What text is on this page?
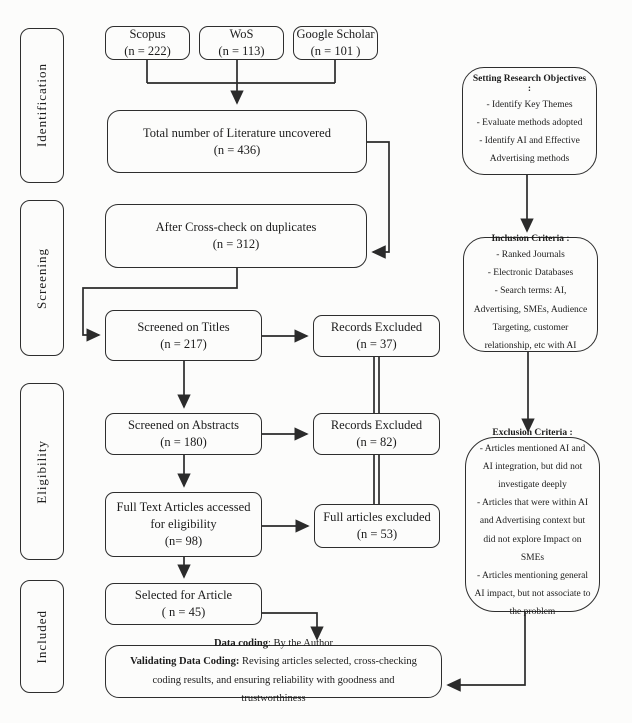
Identification
Screening
Eligibility
Included
Scopus
(n = 222)
WoS
(n = 113)
Google Scholar
(n = 101 )
Total number of Literature uncovered
(n = 436)
After Cross-check on duplicates
(n = 312)
Screened on Titles
(n = 217)
Records Excluded
(n = 37)
Screened on Abstracts
(n = 180)
Records Excluded
(n = 82)
Full Text Articles accessed for eligibility
(n= 98)
Full articles excluded
(n = 53)
Selected for Article
( n = 45)
Data coding: By the Author
Validating Data Coding: Revising articles selected, cross-checking coding results, and ensuring reliability with goodness and trustworthiness
Setting Research Objectives :
- Identify Key Themes
- Evaluate methods adopted
- Identify AI and Effective Advertising methods
Inclusion Criteria :
- Ranked Journals
- Electronic Databases
- Search terms: AI, Advertising, SMEs, Audience Targeting, customer relationship, etc with AI
Exclusion Criteria :
- Articles mentioned AI and AI integration, but did not investigate deeply
- Articles that were within AI and Advertising context but did not explore Impact on SMEs
- Articles mentioning general AI impact, but not associate to the problem
